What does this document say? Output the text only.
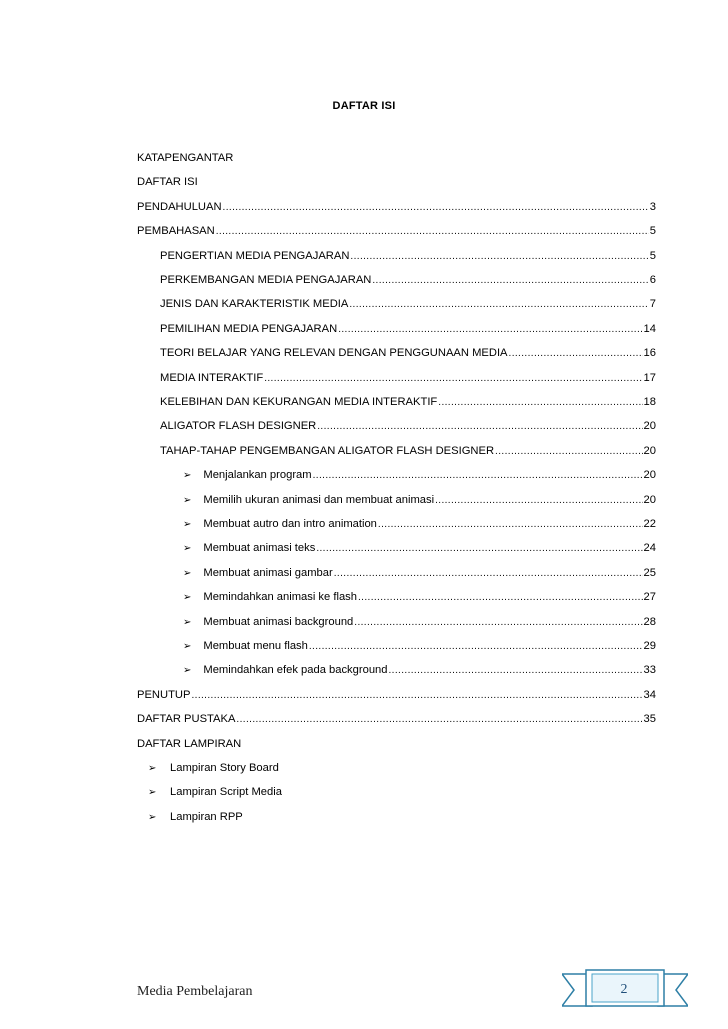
DAFTAR ISI
KATAPENGANTAR
DAFTAR ISI
PENDAHULUAN .....	3
PEMBAHASAN .....	5
PENGERTIAN MEDIA PENGAJARAN .....	5
PERKEMBANGAN MEDIA PENGAJARAN .....	6
JENIS DAN KARAKTERISTIK MEDIA .....	7
PEMILIHAN MEDIA PENGAJARAN .....	14
TEORI BELAJAR YANG RELEVAN DENGAN PENGGUNAAN MEDIA .....	16
MEDIA INTERAKTIF .....	17
KELEBIHAN DAN KEKURANGAN MEDIA INTERAKTIF .....	18
ALIGATOR FLASH DESIGNER .....	20
TAHAP-TAHAP PENGEMBANGAN ALIGATOR FLASH DESIGNER .....	20
➢ Menjalankan program .....	20
➢ Memilih ukuran animasi dan membuat animasi .....	20
➢ Membuat autro dan intro animation .....	22
➢ Membuat animasi teks .....	24
➢ Membuat animasi gambar .....	25
➢ Memindahkan animasi ke flash .....	27
➢ Membuat animasi background .....	28
➢ Membuat menu flash .....	29
➢ Memindahkan efek pada background .....	33
PENUTUP .....	34
DAFTAR PUSTAKA .....	35
DAFTAR LAMPIRAN
➢ Lampiran Story Board
➢ Lampiran Script Media
➢ Lampiran RPP
Media Pembelajaran	2
